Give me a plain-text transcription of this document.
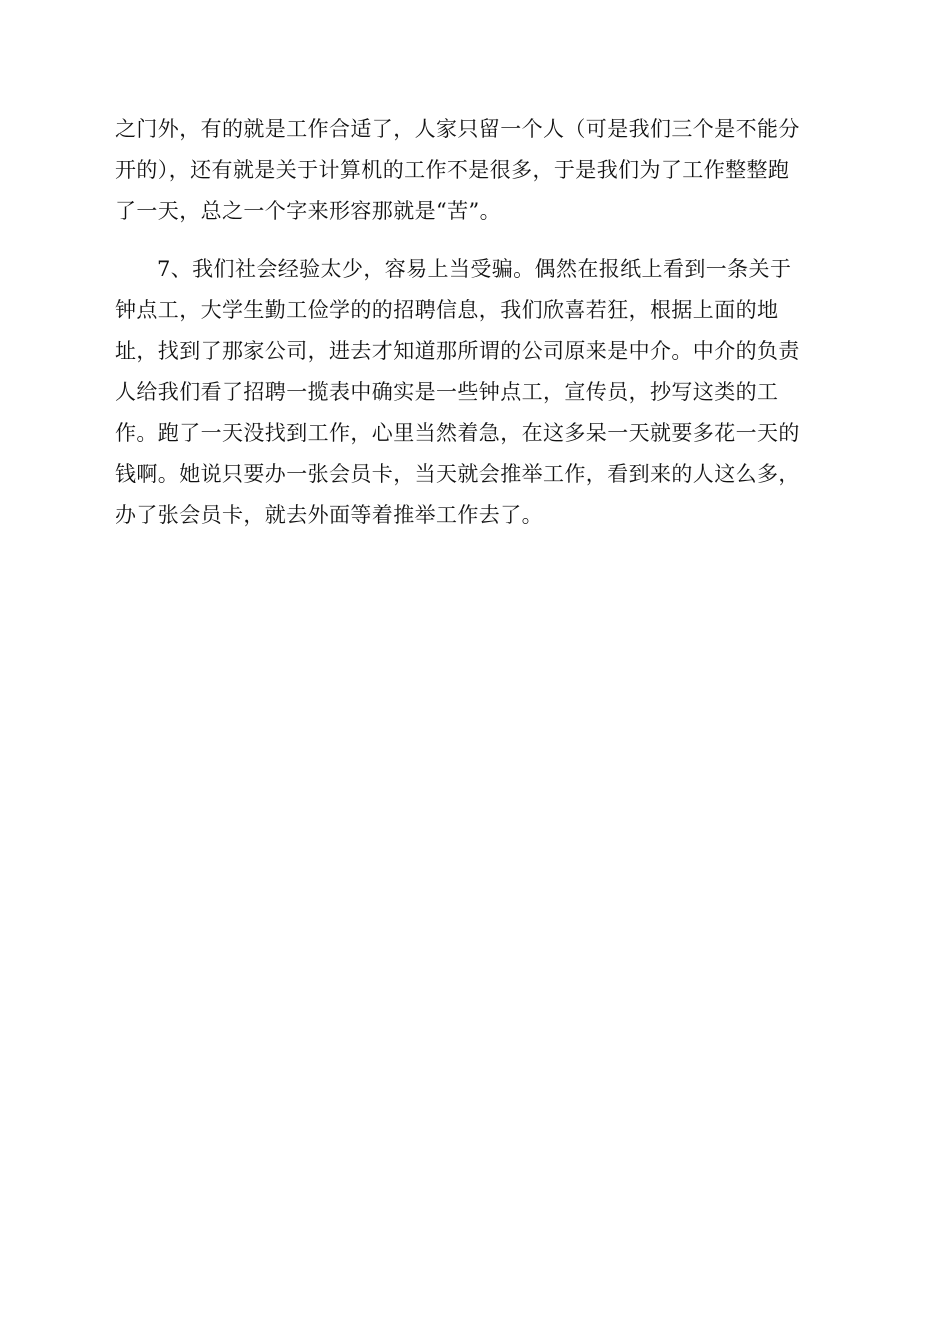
之门外，有的就是工作合适了，人家只留一个人（可是我们三个是不能分
开的），还有就是关于计算机的工作不是很多，于是我们为了工作整整跑
了一天，总之一个字来形容那就是“苦”。
7、我们社会经验太少，容易上当受骗。偶然在报纸上看到一条关于
钟点工，大学生勤工俭学的的招聘信息，我们欣喜若狂，根据上面的地
址，找到了那家公司，进去才知道那所谓的公司原来是中介。中介的负责
人给我们看了招聘一揽表中确实是一些钟点工，宣传员，抄写这类的工
作。跑了一天没找到工作，心里当然着急，在这多呆一天就要多花一天的
钱啊。她说只要办一张会员卡，当天就会推举工作，看到来的人这么多，
办了张会员卡，就去外面等着推举工作去了。
